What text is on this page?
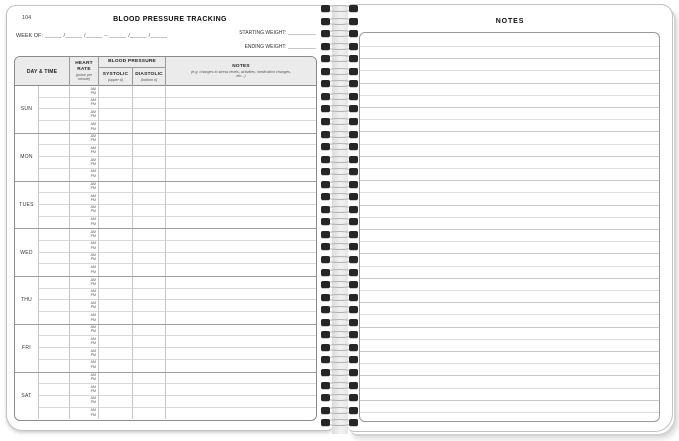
104	BLOOD PRESSURE TRACKING
WEEK OF: _____ /_____ /_____ – _____ /_____ /_____	STARTING WEIGHT: _________
ENDING WEIGHT: _________
DAY & TIME
HEART RATE
(pulse per minute)
BLOOD PRESSURE
SYSTOLIC
(upper #)
DIASTOLIC
(bottom #)
NOTES
(e.g. changes to stress levels, activities, medication changes, etc...)
SUN
AM
PM
AM
PM
AM
PM
AM
PM
MON
AM
PM
AM
PM
AM
PM
AM
PM
TUES
AM
PM
AM
PM
AM
PM
AM
PM
WED
AM
PM
AM
PM
AM
PM
AM
PM
THU
AM
PM
AM
PM
AM
PM
AM
PM
FRI
AM
PM
AM
PM
AM
PM
AM
PM
SAT
AM
PM
AM
PM
AM
PM
AM
PM
NOTES
